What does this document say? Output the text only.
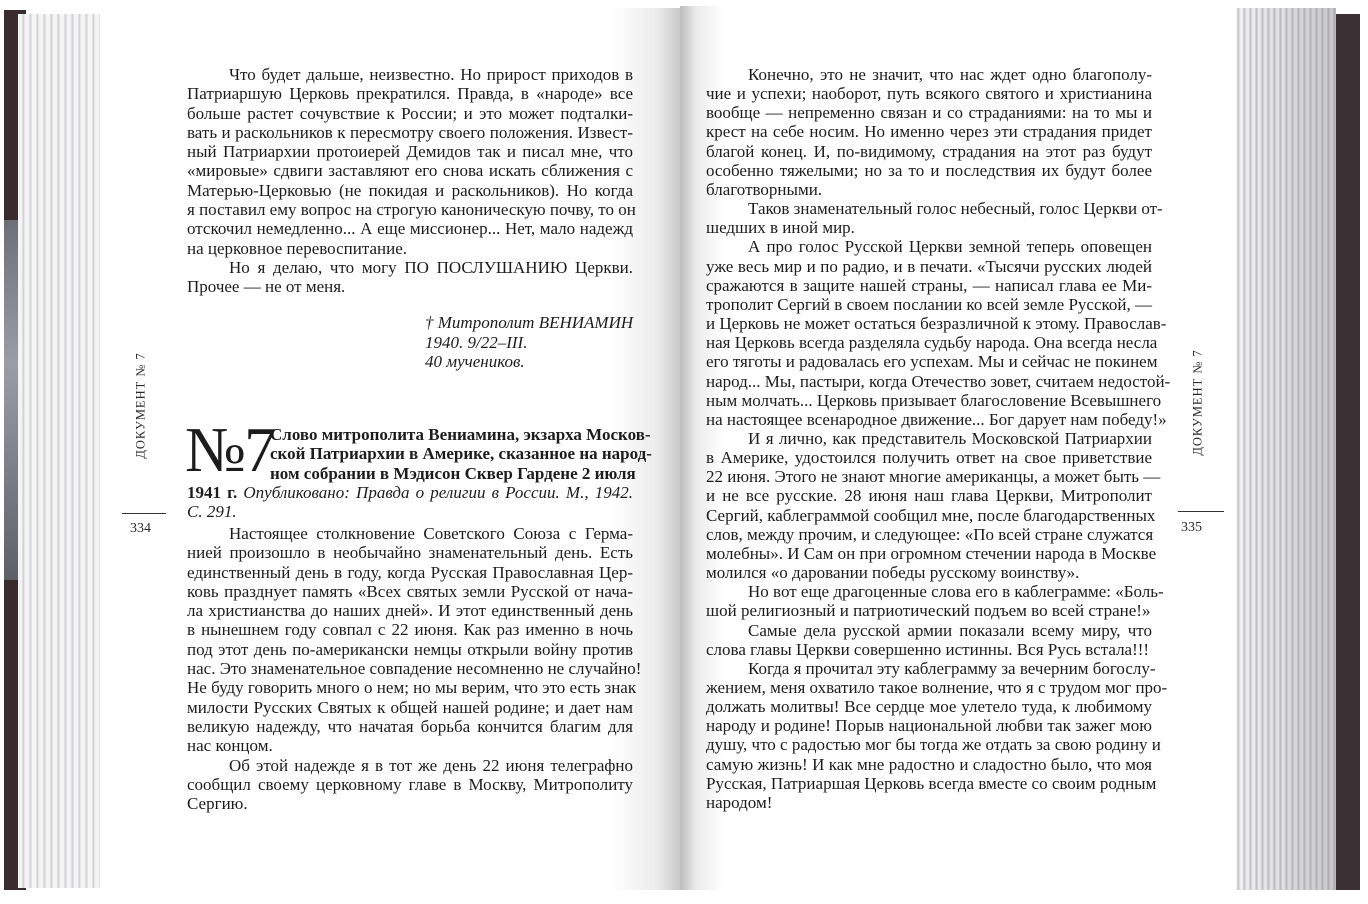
Что будет дальше, неизвестно. Но прирост приходов в
Патриаршую Церковь прекратился. Правда, в «народе» все
больше растет сочувствие к России; и это может подталки-
вать и раскольников к пересмотру своего положения. Извест-
ный Патриархии протоиерей Демидов так и писал мне, что
«мировые» сдвиги заставляют его снова искать сближения с
Матерью-Церковью (не покидая и раскольников). Но когда
я поставил ему вопрос на строгую каноническую почву, то он
отскочил немедленно... А еще миссионер... Нет, мало надежд
на церковное перевоспитание.
Но я делаю, что могу ПО ПОСЛУШАНИЮ Церкви.
Прочее — не от меня.
† Митрополит ВЕНИАМИН
1940. 9/22–III.
40 мучеников.
№7
Слово митрополита Вениамина, экзарха Москов-
ской Патриархии в Америке, сказанное на народ-
ном собрании в Мэдисон Сквер Гардене 2 июля
1941 г. Опубликовано: Правда о религии в России. М., 1942.
С. 291.
Настоящее столкновение Советского Союза с Герма-
нией произошло в необычайно знаменательный день. Есть
единственный день в году, когда Русская Православная Цер-
ковь празднует память «Всех святых земли Русской от нача-
ла христианства до наших дней». И этот единственный день
в нынешнем году совпал с 22 июня. Как раз именно в ночь
под этот день по-американски немцы открыли войну против
нас. Это знаменательное совпадение несомненно не случайно!
Не буду говорить много о нем; но мы верим, что это есть знак
милости Русских Святых к общей нашей родине; и дает нам
великую надежду, что начатая борьба кончится благим для
нас концом.
Об этой надежде я в тот же день 22 июня телеграфно
сообщил своему церковному главе в Москву, Митрополиту
Сергию.
ДОКУМЕНТ № 7
334
Конечно, это не значит, что нас ждет одно благополу-
чие и успехи; наоборот, путь всякого святого и христианина
вообще — непременно связан и со страданиями: на то мы и
крест на себе носим. Но именно через эти страдания придет
благой конец. И, по-видимому, страдания на этот раз будут
особенно тяжелыми; но за то и последствия их будут более
благотворными.
Таков знаменательный голос небесный, голос Церкви от-
шедших в иной мир.
А про голос Русской Церкви земной теперь оповещен
уже весь мир и по радио, и в печати. «Тысячи русских людей
сражаются в защите нашей страны, — написал глава ее Ми-
трополит Сергий в своем послании ко всей земле Русской, —
и Церковь не может остаться безразличной к этому. Православ-
ная Церковь всегда разделяла судьбу народа. Она всегда несла
его тяготы и радовалась его успехам. Мы и сейчас не покинем
народ... Мы, пастыри, когда Отечество зовет, считаем недостой-
ным молчать... Церковь призывает благословение Всевышнего
на настоящее всенародное движение... Бог дарует нам победу!»
И я лично, как представитель Московской Патриархии
в Америке, удостоился получить ответ на свое приветствие
22 июня. Этого не знают многие американцы, а может быть —
и не все русские. 28 июня наш глава Церкви, Митрополит
Сергий, каблеграммой сообщил мне, после благодарственных
слов, между прочим, и следующее: «По всей стране служатся
молебны». И Сам он при огромном стечении народа в Москве
молился «о даровании победы русскому воинству».
Но вот еще драгоценные слова его в каблеграмме: «Боль-
шой религиозный и патриотический подъем во всей стране!»
Самые дела русской армии показали всему миру, что
слова главы Церкви совершенно истинны. Вся Русь встала!!!
Когда я прочитал эту каблеграмму за вечерним богослу-
жением, меня охватило такое волнение, что я с трудом мог про-
должать молитвы! Все сердце мое улетело туда, к любимому
народу и родине! Порыв национальной любви так зажег мою
душу, что с радостью мог бы тогда же отдать за свою родину и
самую жизнь! И как мне радостно и сладостно было, что моя
Русская, Патриаршая Церковь всегда вместе со своим родным
народом!
ДОКУМЕНТ № 7
335
